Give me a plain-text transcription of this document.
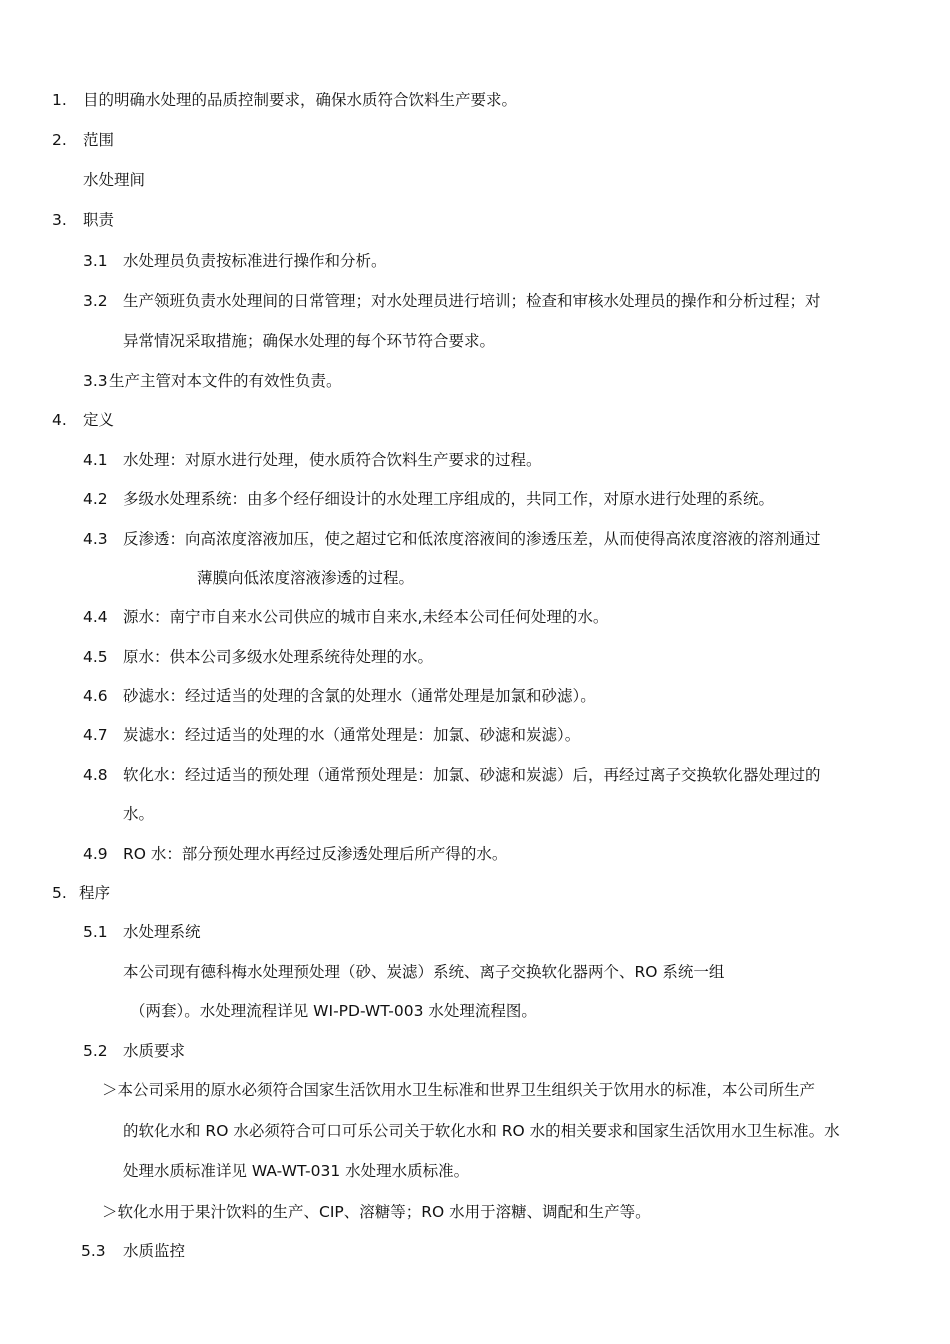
1. 目的明确水处理的品质控制要求，确保水质符合饮料生产要求。
2. 范围
水处理间
3. 职责
3.1 水处理员负责按标准进行操作和分析。
3.2 生产领班负责水处理间的日常管理；对水处理员进行培训；检查和审核水处理员的操作和分析过程；对
异常情况采取措施；确保水处理的每个环节符合要求。
3.3生产主管对本文件的有效性负责。
4. 定义
4.1 水处理：对原水进行处理，使水质符合饮料生产要求的过程。
4.2 多级水处理系统：由多个经仔细设计的水处理工序组成的，共同工作，对原水进行处理的系统。
4.3 反渗透：向高浓度溶液加压，使之超过它和低浓度溶液间的渗透压差，从而使得高浓度溶液的溶剂通过
薄膜向低浓度溶液渗透的过程。
4.4 源水：南宁市自来水公司供应的城市自来水,未经本公司任何处理的水。
4.5 原水：供本公司多级水处理系统待处理的水。
4.6 砂滤水：经过适当的处理的含氯的处理水（通常处理是加氯和砂滤）。
4.7 炭滤水：经过适当的处理的水（通常处理是：加氯、砂滤和炭滤）。
4.8 软化水：经过适当的预处理（通常预处理是：加氯、砂滤和炭滤）后，再经过离子交换软化器处理过的
水。
4.9 RO 水：部分预处理水再经过反渗透处理后所产得的水。
5. 程序
5.1 水处理系统
本公司现有德科梅水处理预处理（砂、炭滤）系统、离子交换软化器两个、RO 系统一组
（两套）。水处理流程详见 WI-PD-WT-003 水处理流程图。
5.2 水质要求
＞本公司采用的原水必须符合国家生活饮用水卫生标准和世界卫生组织关于饮用水的标准，本公司所生产
的软化水和 RO 水必须符合可口可乐公司关于软化水和 RO 水的相关要求和国家生活饮用水卫生标准。水
处理水质标准详见 WA-WT-031 水处理水质标准。
＞软化水用于果汁饮料的生产、CIP、溶糖等；RO 水用于溶糖、调配和生产等。
5.3 水质监控
